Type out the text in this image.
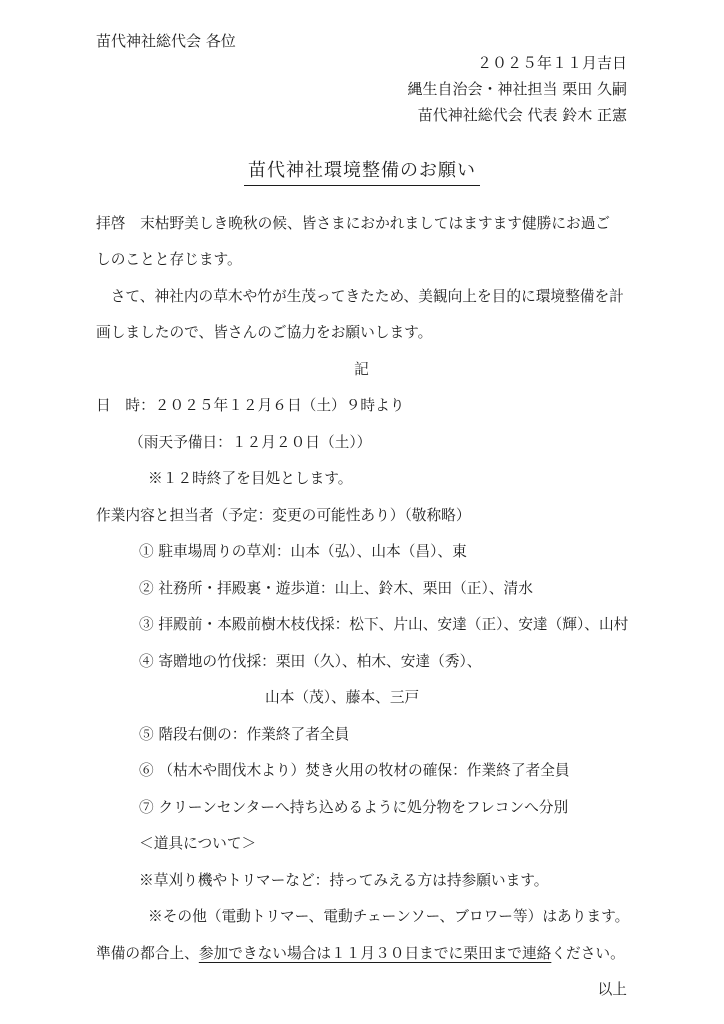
苗代神社総代会 各位
２０２５年１１月吉日
縄生自治会・神社担当 栗田 久嗣
苗代神社総代会 代表 鈴木 正憲
苗代神社環境整備のお願い
拝啓　末枯野美しき晩秋の候、皆さまにおかれましてはますます健勝にお過ご
しのことと存じます。
　さて、神社内の草木や竹が生茂ってきたため、美観向上を目的に環境整備を計
画しましたので、皆さんのご協力をお願いします。
記
日　時：２０２５年１２月６日（土）９時より
（雨天予備日：１２月２０日（土））
※１２時終了を目処とします。
作業内容と担当者（予定：変更の可能性あり）（敬称略）
① 駐車場周りの草刈：山本（弘）、山本（昌）、東
② 社務所・拝殿裏・遊歩道：山上、鈴木、栗田（正）、清水
③ 拝殿前・本殿前樹木枝伐採：松下、片山、安達（正）、安達（輝）、山村
④ 寄贈地の竹伐採：栗田（久）、柏木、安達（秀）、
山本（茂）、藤本、三戸
⑤ 階段右側の：作業終了者全員
⑥ （枯木や間伐木より）焚き火用の牧材の確保：作業終了者全員
⑦ クリーンセンターへ持ち込めるように処分物をフレコンへ分別
＜道具について＞
※草刈り機やトリマーなど：持ってみえる方は持参願います。
※その他（電動トリマー、電動チェーンソー、ブロワー等）はあります。
準備の都合上、 参加できない場合は１１月３０日までに栗田まで連絡 ください。
以上
